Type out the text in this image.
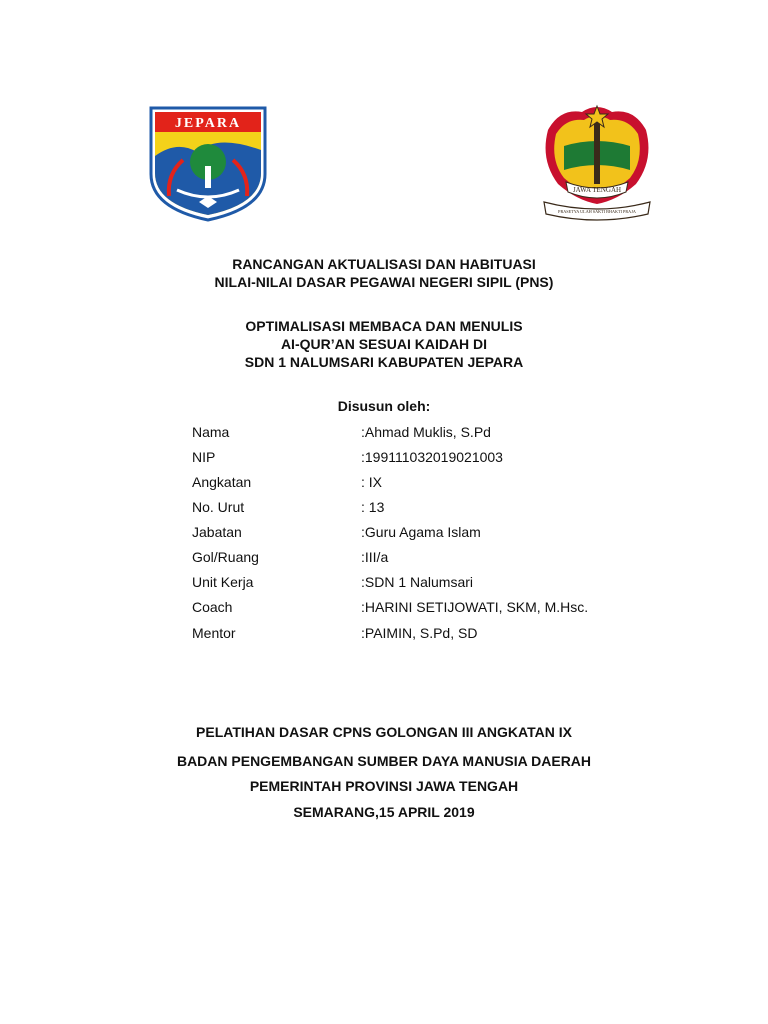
JEPARA
JAWA TENGAH
PRASETYA ULAH SAKTI BHAKTI PRAJA
RANCANGAN AKTUALISASI DAN HABITUASI
NILAI-NILAI DASAR PEGAWAI NEGERI SIPIL (PNS)
OPTIMALISASI MEMBACA DAN MENULIS
AI-QUR’AN SESUAI KAIDAH DI
SDN 1 NALUMSARI KABUPATEN JEPARA
Disusun oleh:
Nama	:Ahmad Muklis, S.Pd
NIP	:199111032019021003
Angkatan	: IX
No. Urut	: 13
Jabatan	:Guru Agama Islam
Gol/Ruang	:III/a
Unit Kerja	:SDN 1 Nalumsari
Coach	:HARINI SETIJOWATI, SKM, M.Hsc.
Mentor	:PAIMIN, S.Pd, SD
PELATIHAN DASAR CPNS GOLONGAN III ANGKATAN IX
BADAN PENGEMBANGAN SUMBER DAYA MANUSIA DAERAH
PEMERINTAH PROVINSI JAWA TENGAH
SEMARANG,15 APRIL 2019
